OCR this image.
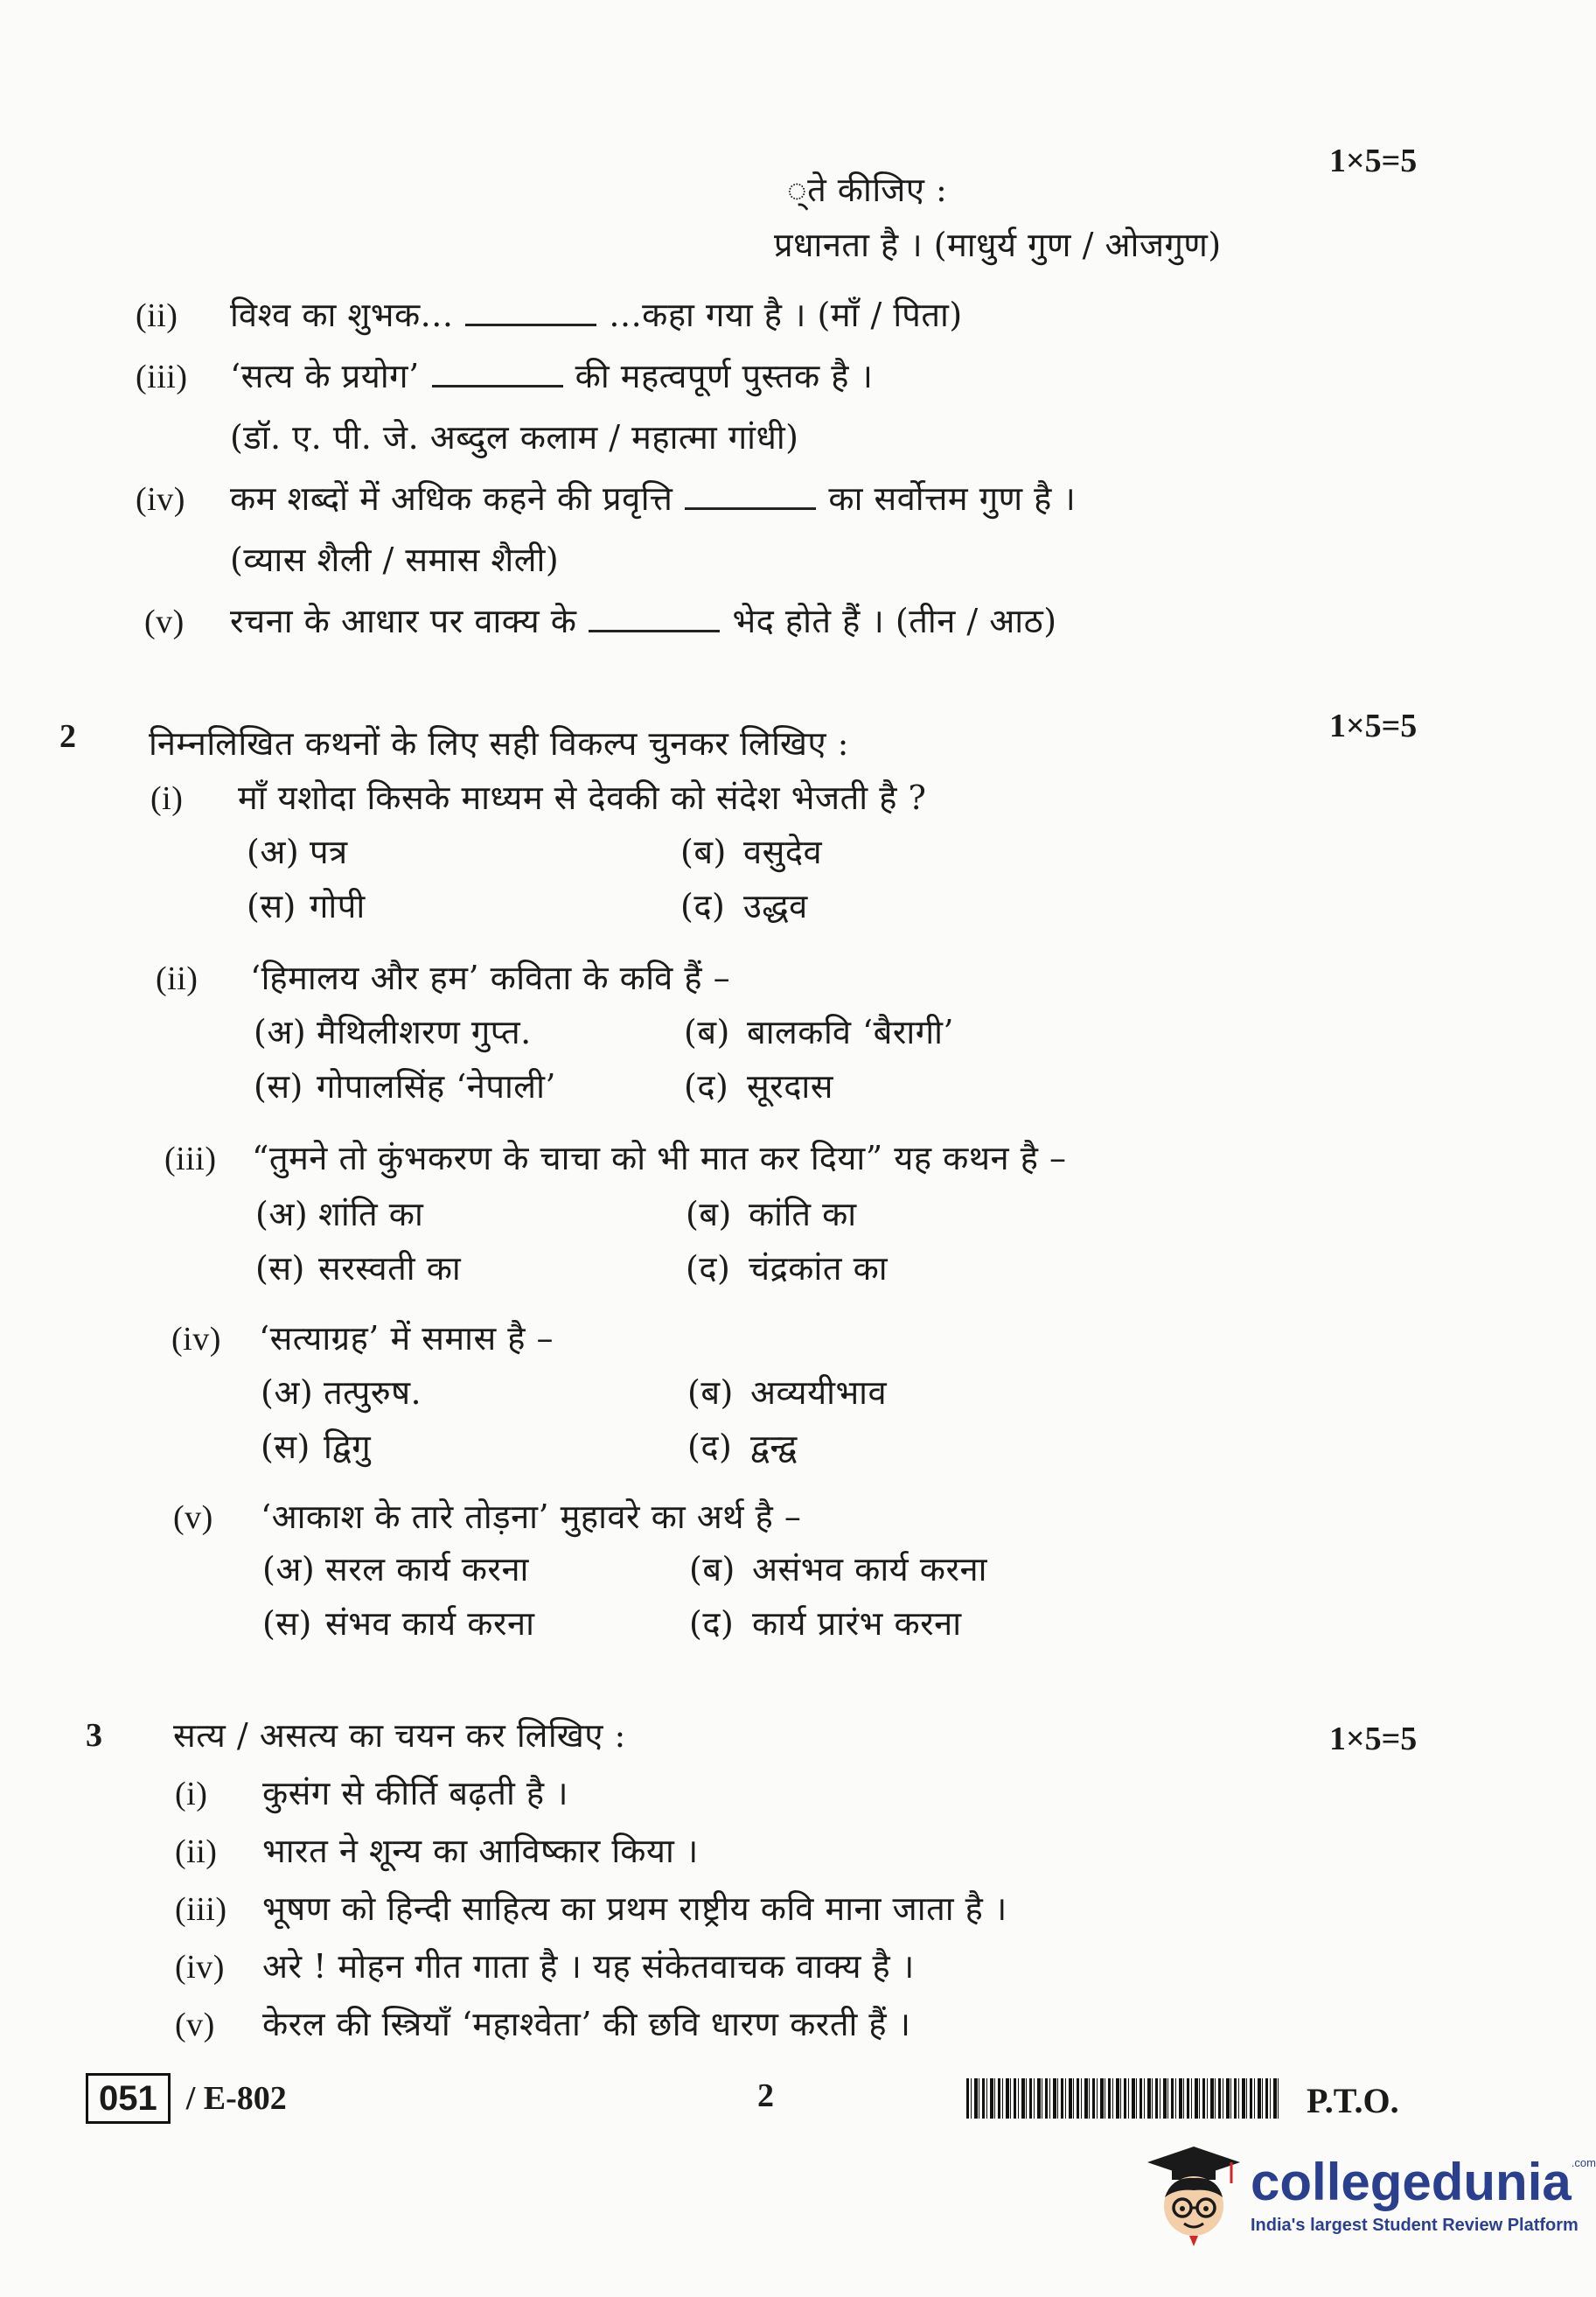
1×5=5
्ते कीजिए :
प्रधानता है । (माधुर्य गुण / ओजगुण)
(ii) विश्व का शुभक...	...कहा गया है । (माँ / पिता)
(iii) ‘सत्य के प्रयोग’	की महत्वपूर्ण पुस्तक है ।
(डॉ. ए. पी. जे. अब्दुल कलाम / महात्मा गांधी)
(iv) कम शब्दों में अधिक कहने की प्रवृत्ति	का सर्वोत्तम गुण है ।
(व्यास शैली / समास शैली)
(v) रचना के आधार पर वाक्य के	भेद होते हैं । (तीन / आठ)
2 निम्नलिखित कथनों के लिए सही विकल्प चुनकर लिखिए :	1×5=5
(i) माँ यशोदा किसके माध्यम से देवकी को संदेश भेजती है ?
(अ) पत्र	(ब) वसुदेव
(स) गोपी	(द) उद्धव
(ii) ‘हिमालय और हम’ कविता के कवि हैं –
(अ) मैथिलीशरण गुप्त.	(ब) बालकवि ‘बैरागी’
(स) गोपालसिंह ‘नेपाली’	(द) सूरदास
(iii) “तुमने तो कुंभकरण के चाचा को भी मात कर दिया” यह कथन है –
(अ) शांति का	(ब) कांति का
(स) सरस्वती का	(द) चंद्रकांत का
(iv) ‘सत्याग्रह’ में समास है –
(अ) तत्पुरुष.	(ब) अव्ययीभाव
(स) द्विगु	(द) द्वन्द्व
(v) ‘आकाश के तारे तोड़ना’ मुहावरे का अर्थ है –
(अ) सरल कार्य करना	(ब) असंभव कार्य करना
(स) संभव कार्य करना	(द) कार्य प्रारंभ करना
3 सत्य / असत्य का चयन कर लिखिए :	1×5=5
(i) कुसंग से कीर्ति बढ़ती है ।
(ii) भारत ने शून्य का आविष्कार किया ।
(iii) भूषण को हिन्दी साहित्य का प्रथम राष्ट्रीय कवि माना जाता है ।
(iv) अरे ! मोहन गीत गाता है । यह संकेतवाचक वाक्य है ।
(v) केरल की स्त्रियाँ ‘महाश्वेता’ की छवि धारण करती हैं ।
051 / E-802	2	P.T.O.
collegedunia$^{.com}$
India's largest Student Review Platform
